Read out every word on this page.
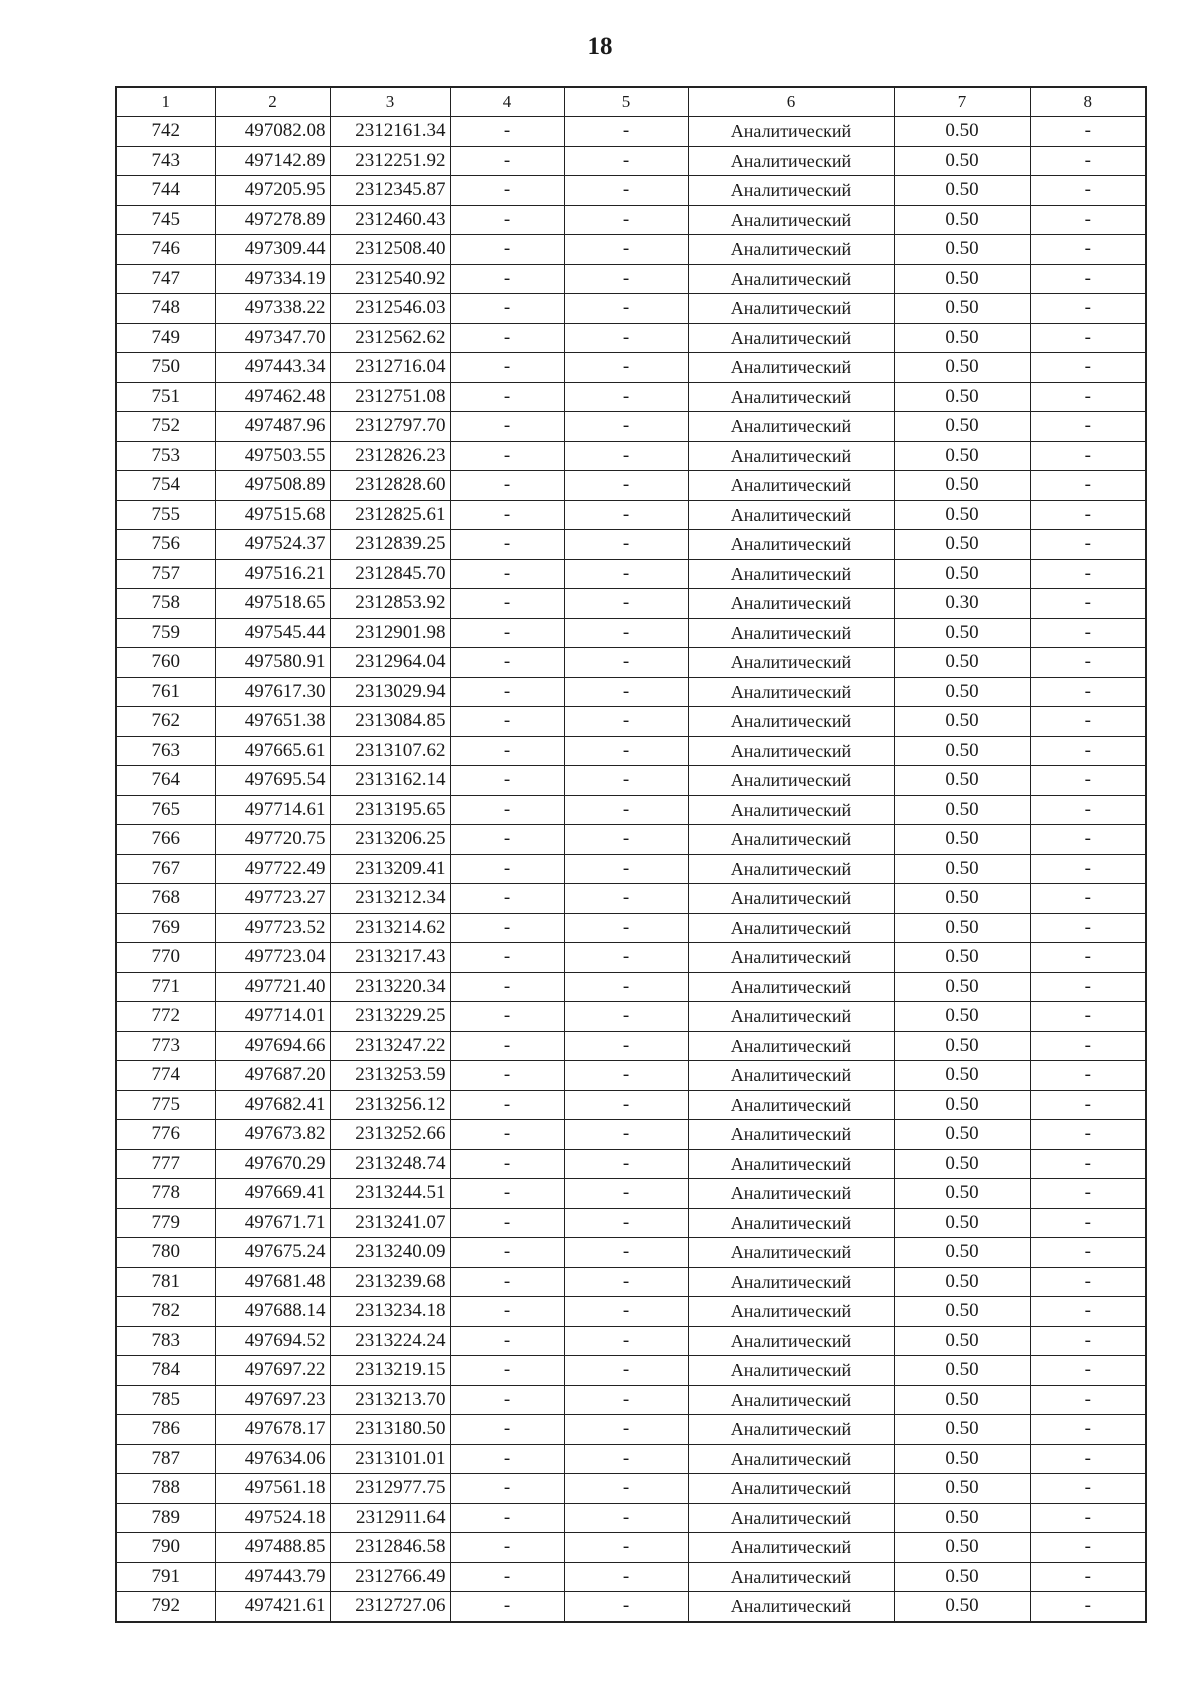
18
1	2	3	4	5	6	7	8
742	497082.08	2312161.34	-	-	Аналитический	0.50	-
743	497142.89	2312251.92	-	-	Аналитический	0.50	-
744	497205.95	2312345.87	-	-	Аналитический	0.50	-
745	497278.89	2312460.43	-	-	Аналитический	0.50	-
746	497309.44	2312508.40	-	-	Аналитический	0.50	-
747	497334.19	2312540.92	-	-	Аналитический	0.50	-
748	497338.22	2312546.03	-	-	Аналитический	0.50	-
749	497347.70	2312562.62	-	-	Аналитический	0.50	-
750	497443.34	2312716.04	-	-	Аналитический	0.50	-
751	497462.48	2312751.08	-	-	Аналитический	0.50	-
752	497487.96	2312797.70	-	-	Аналитический	0.50	-
753	497503.55	2312826.23	-	-	Аналитический	0.50	-
754	497508.89	2312828.60	-	-	Аналитический	0.50	-
755	497515.68	2312825.61	-	-	Аналитический	0.50	-
756	497524.37	2312839.25	-	-	Аналитический	0.50	-
757	497516.21	2312845.70	-	-	Аналитический	0.50	-
758	497518.65	2312853.92	-	-	Аналитический	0.30	-
759	497545.44	2312901.98	-	-	Аналитический	0.50	-
760	497580.91	2312964.04	-	-	Аналитический	0.50	-
761	497617.30	2313029.94	-	-	Аналитический	0.50	-
762	497651.38	2313084.85	-	-	Аналитический	0.50	-
763	497665.61	2313107.62	-	-	Аналитический	0.50	-
764	497695.54	2313162.14	-	-	Аналитический	0.50	-
765	497714.61	2313195.65	-	-	Аналитический	0.50	-
766	497720.75	2313206.25	-	-	Аналитический	0.50	-
767	497722.49	2313209.41	-	-	Аналитический	0.50	-
768	497723.27	2313212.34	-	-	Аналитический	0.50	-
769	497723.52	2313214.62	-	-	Аналитический	0.50	-
770	497723.04	2313217.43	-	-	Аналитический	0.50	-
771	497721.40	2313220.34	-	-	Аналитический	0.50	-
772	497714.01	2313229.25	-	-	Аналитический	0.50	-
773	497694.66	2313247.22	-	-	Аналитический	0.50	-
774	497687.20	2313253.59	-	-	Аналитический	0.50	-
775	497682.41	2313256.12	-	-	Аналитический	0.50	-
776	497673.82	2313252.66	-	-	Аналитический	0.50	-
777	497670.29	2313248.74	-	-	Аналитический	0.50	-
778	497669.41	2313244.51	-	-	Аналитический	0.50	-
779	497671.71	2313241.07	-	-	Аналитический	0.50	-
780	497675.24	2313240.09	-	-	Аналитический	0.50	-
781	497681.48	2313239.68	-	-	Аналитический	0.50	-
782	497688.14	2313234.18	-	-	Аналитический	0.50	-
783	497694.52	2313224.24	-	-	Аналитический	0.50	-
784	497697.22	2313219.15	-	-	Аналитический	0.50	-
785	497697.23	2313213.70	-	-	Аналитический	0.50	-
786	497678.17	2313180.50	-	-	Аналитический	0.50	-
787	497634.06	2313101.01	-	-	Аналитический	0.50	-
788	497561.18	2312977.75	-	-	Аналитический	0.50	-
789	497524.18	2312911.64	-	-	Аналитический	0.50	-
790	497488.85	2312846.58	-	-	Аналитический	0.50	-
791	497443.79	2312766.49	-	-	Аналитический	0.50	-
792	497421.61	2312727.06	-	-	Аналитический	0.50	-
